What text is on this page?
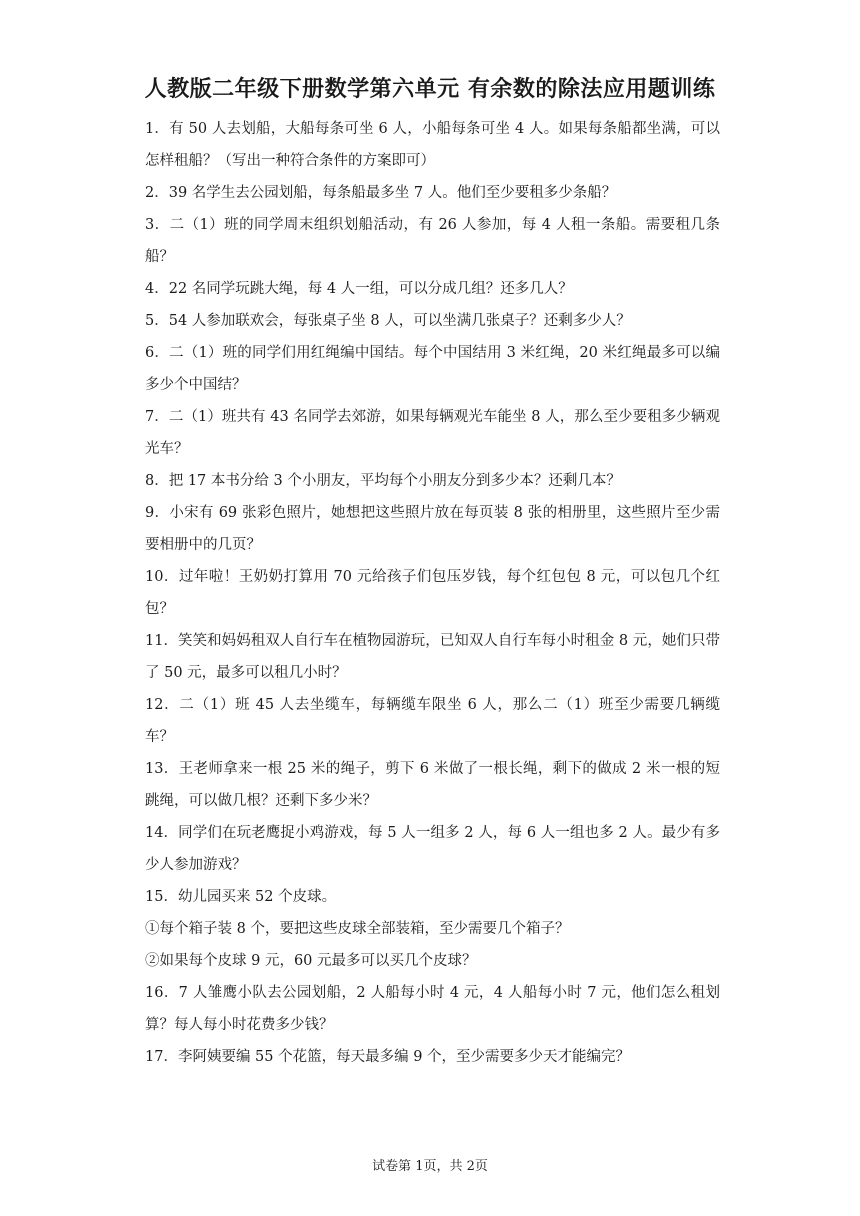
人教版二年级下册数学第六单元 有余数的除法应用题训练

1．有 50 人去划船，大船每条可坐 6 人，小船每条可坐 4 人。如果每条船都坐满，可以怎样租船？（写出一种符合条件的方案即可）

2．39 名学生去公园划船，每条船最多坐 7 人。他们至少要租多少条船？

3．二（1）班的同学周末组织划船活动，有 26 人参加，每 4 人租一条船。需要租几条船？

4．22 名同学玩跳大绳，每 4 人一组，可以分成几组？还多几人？

5．54 人参加联欢会，每张桌子坐 8 人，可以坐满几张桌子？还剩多少人？

6．二（1）班的同学们用红绳编中国结。每个中国结用 3 米红绳，20 米红绳最多可以编多少个中国结？

7．二（1）班共有 43 名同学去郊游，如果每辆观光车能坐 8 人，那么至少要租多少辆观光车？

8．把 17 本书分给 3 个小朋友，平均每个小朋友分到多少本？还剩几本？

9．小宋有 69 张彩色照片，她想把这些照片放在每页装 8 张的相册里，这些照片至少需要相册中的几页？

10．过年啦！王奶奶打算用 70 元给孩子们包压岁钱，每个红包包 8 元，可以包几个红包？

11．笑笑和妈妈租双人自行车在植物园游玩，已知双人自行车每小时租金 8 元，她们只带了 50 元，最多可以租几小时？

12．二（1）班 45 人去坐缆车，每辆缆车限坐 6 人，那么二（1）班至少需要几辆缆车？

13．王老师拿来一根 25 米的绳子，剪下 6 米做了一根长绳，剩下的做成 2 米一根的短跳绳，可以做几根？还剩下多少米？

14．同学们在玩老鹰捉小鸡游戏，每 5 人一组多 2 人，每 6 人一组也多 2 人。最少有多少人参加游戏？

15．幼儿园买来 52 个皮球。

①每个箱子装 8 个，要把这些皮球全部装箱，至少需要几个箱子？

②如果每个皮球 9 元，60 元最多可以买几个皮球？

16．7 人雏鹰小队去公园划船，2 人船每小时 4 元，4 人船每小时 7 元，他们怎么租划算？每人每小时花费多少钱？

17．李阿姨要编 55 个花篮，每天最多编 9 个，至少需要多少天才能编完？

试卷第 1页，共 2页
